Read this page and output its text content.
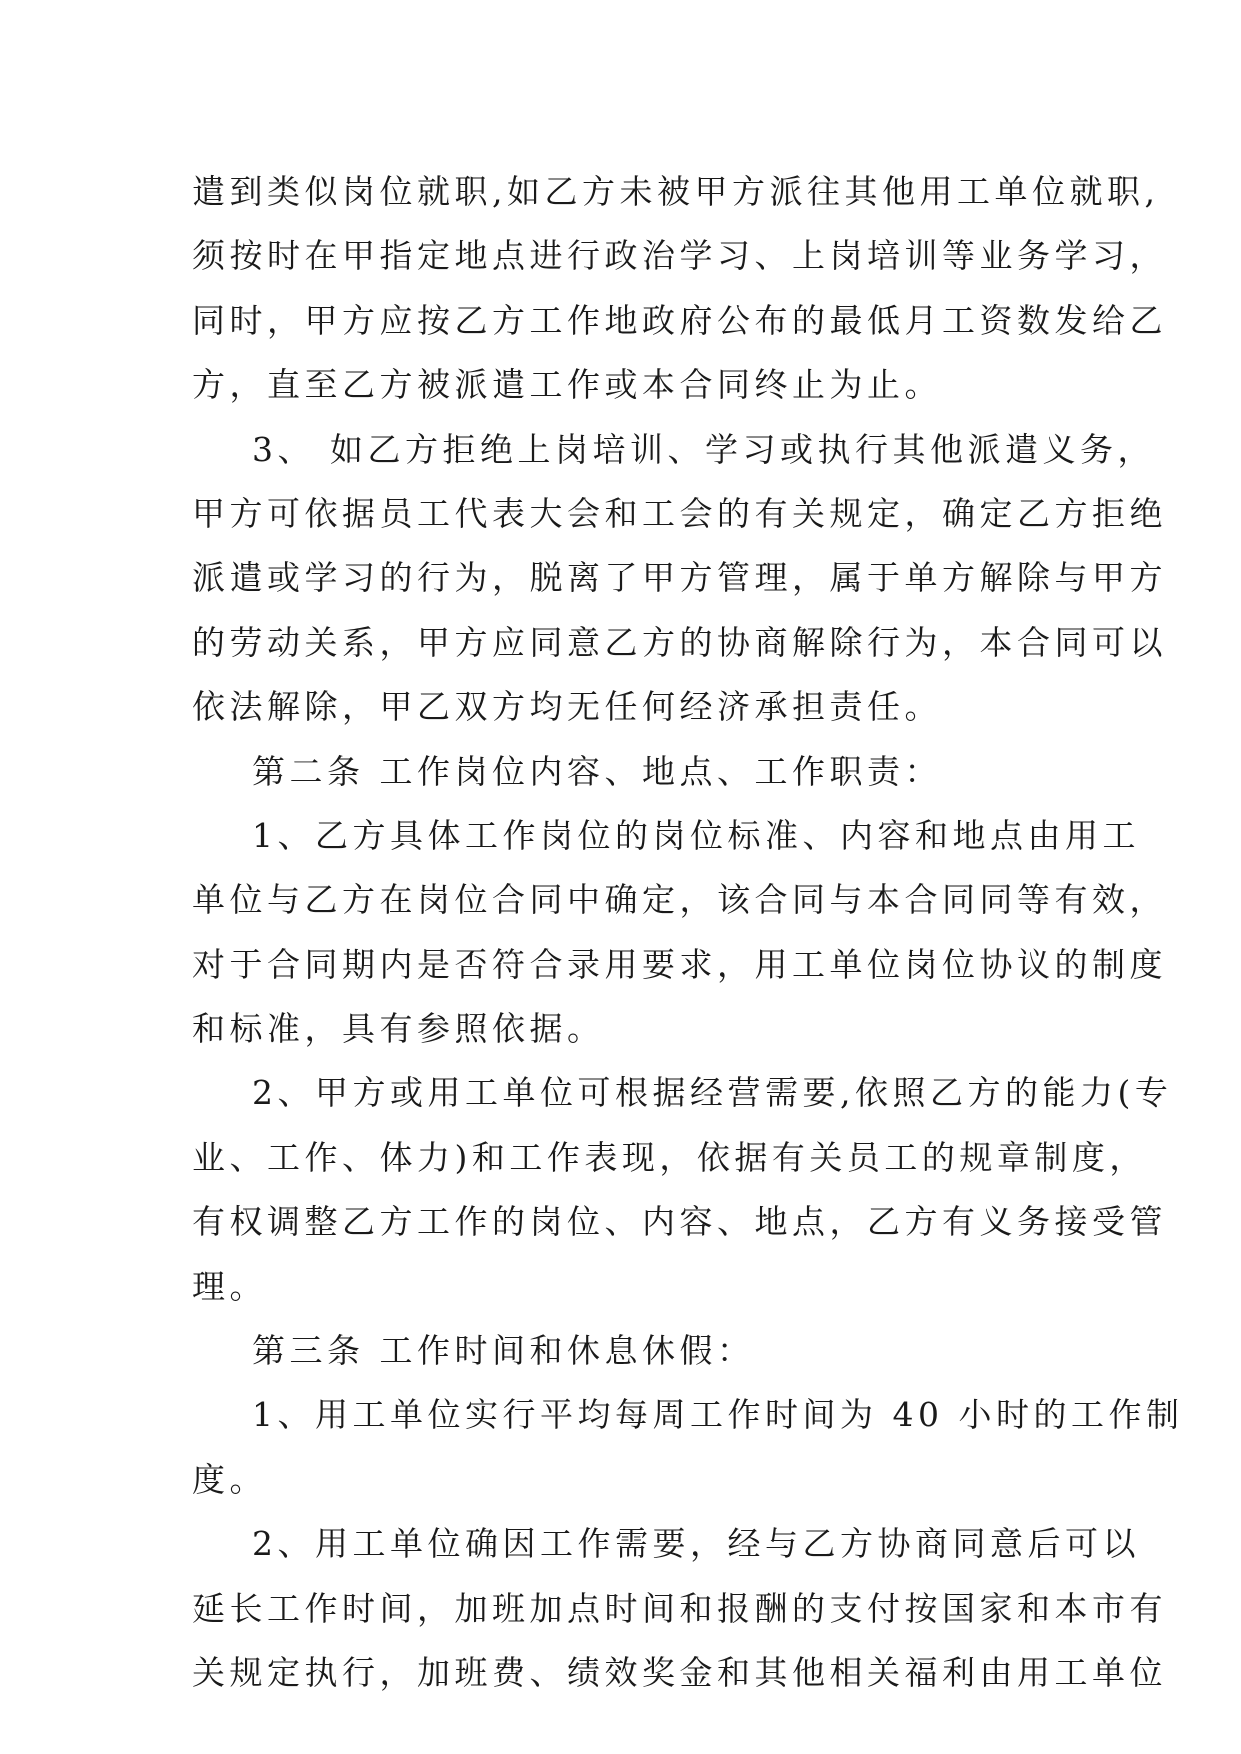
遣到类似岗位就职,如乙方未被甲方派往其他用工单位就职,
须按时在甲指定地点进行政治学习、上岗培训等业务学习，
同时，甲方应按乙方工作地政府公布的最低月工资数发给乙
方，直至乙方被派遣工作或本合同终止为止。
3、 如乙方拒绝上岗培训、学习或执行其他派遣义务，
甲方可依据员工代表大会和工会的有关规定，确定乙方拒绝
派遣或学习的行为，脱离了甲方管理，属于单方解除与甲方
的劳动关系，甲方应同意乙方的协商解除行为，本合同可以
依法解除，甲乙双方均无任何经济承担责任。
第二条 工作岗位内容、地点、工作职责：
1、乙方具体工作岗位的岗位标准、内容和地点由用工
单位与乙方在岗位合同中确定，该合同与本合同同等有效，
对于合同期内是否符合录用要求，用工单位岗位协议的制度
和标准，具有参照依据。
2、甲方或用工单位可根据经营需要,依照乙方的能力(专
业、工作、体力)和工作表现，依据有关员工的规章制度，
有权调整乙方工作的岗位、内容、地点，乙方有义务接受管
理。
第三条 工作时间和休息休假：
1、用工单位实行平均每周工作时间为 40 小时的工作制
度。
2、用工单位确因工作需要，经与乙方协商同意后可以
延长工作时间，加班加点时间和报酬的支付按国家和本市有
关规定执行，加班费、绩效奖金和其他相关福利由用工单位
